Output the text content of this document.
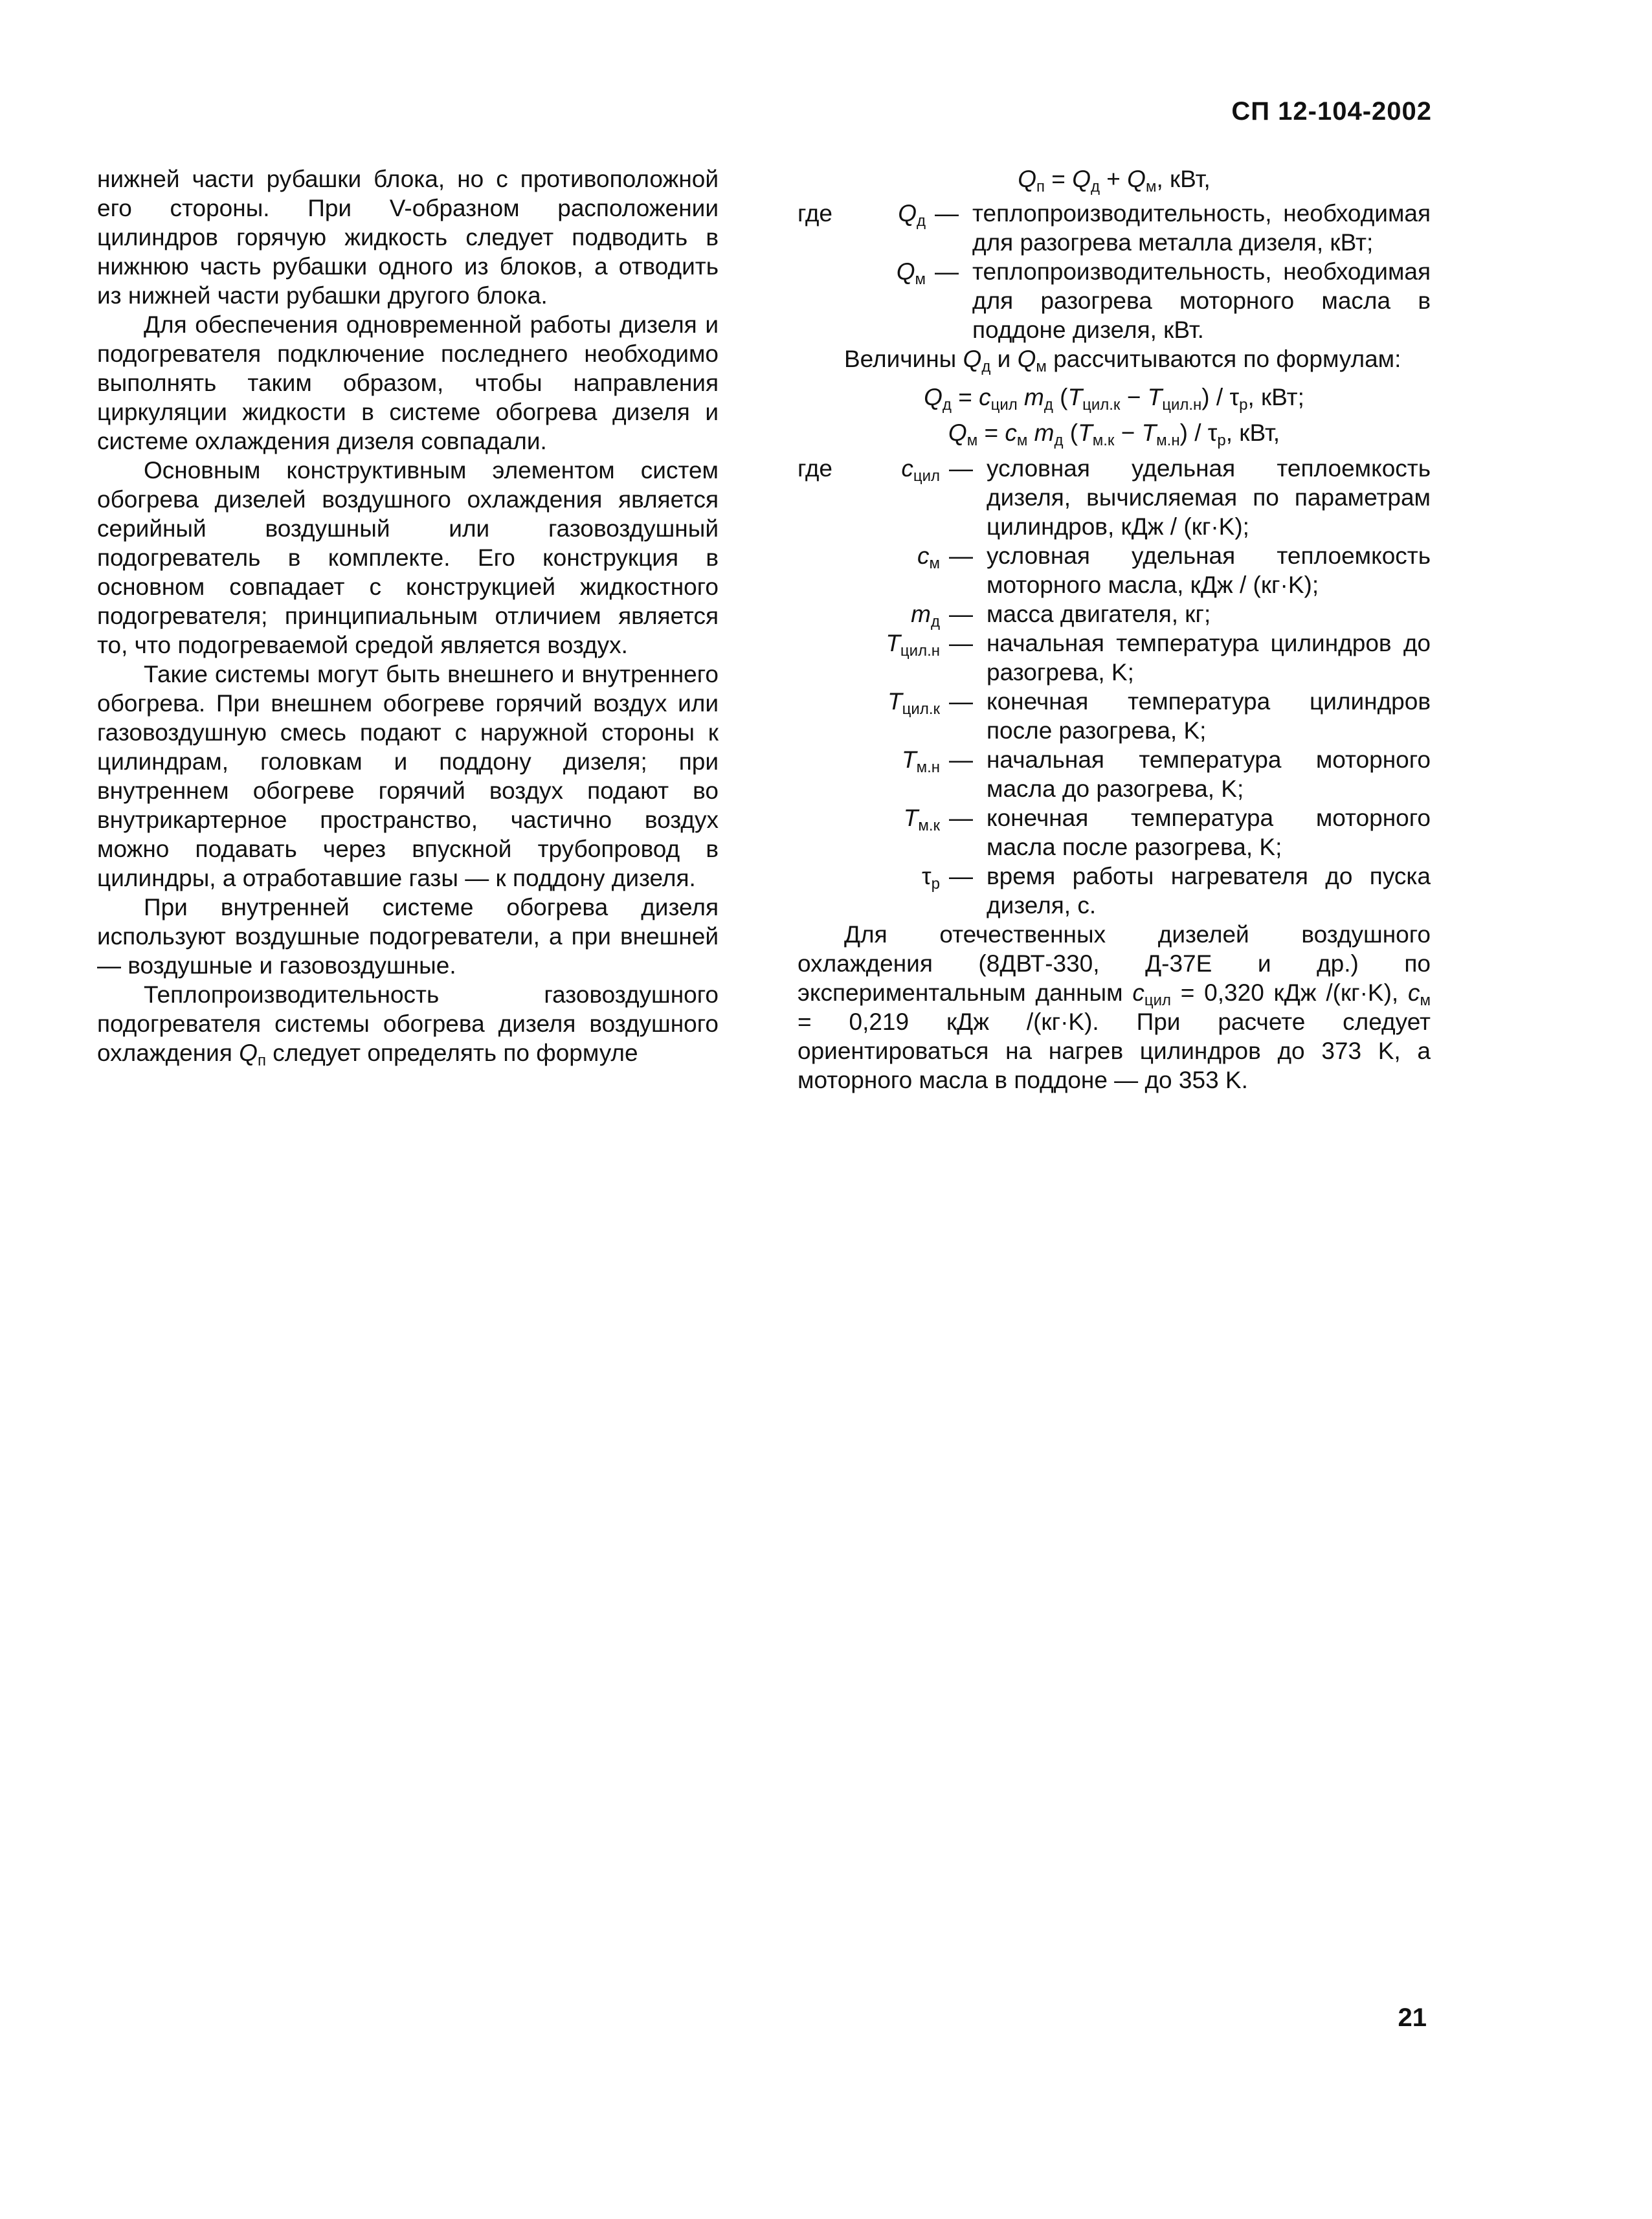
СП 12-104-2002

нижней части рубашки блока, но с противоположной его стороны. При V-образном расположении цилиндров горячую жидкость следует подводить в нижнюю часть рубашки одного из блоков, а отводить из нижней части рубашки другого блока.

Для обеспечения одновременной работы дизеля и подогревателя подключение последнего необходимо выполнять таким образом, чтобы направления циркуляции жидкости в системе обогрева дизеля и системе охлаждения дизеля совпадали.

Основным конструктивным элементом систем обогрева дизелей воздушного охлаждения является серийный воздушный или газовоздушный подогреватель в комплекте. Его конструкция в основном совпадает с конструкцией жидкостного подогревателя; принципиальным отличием является то, что подогреваемой средой является воздух.

Такие системы могут быть внешнего и внутреннего обогрева. При внешнем обогреве горячий воздух или газовоздушную смесь подают с наружной стороны к цилиндрам, головкам и поддону дизеля; при внутреннем обогреве горячий воздух подают во внутрикартерное пространство, частично воздух можно подавать через впускной трубопровод в цилиндры, а отработавшие газы — к поддону дизеля.

При внутренней системе обогрева дизеля используют воздушные подогреватели, а при внешней — воздушные и газовоздушные.

Теплопроизводительность газовоздушного подогревателя системы обогрева дизеля воздушного охлаждения $Q_п$ следует определять по формуле

$Q_п = Q_д + Q_м$, кВт,

где	$Q_д$	—	теплопроизводительность, необходимая для разогрева металла дизеля, кВт;
	$Q_м$	—	теплопроизводительность, необходимая для разогрева моторного масла в поддоне дизеля, кВт.

Величины $Q_д$ и $Q_м$ рассчитываются по формулам:

$Q_д = c_{цил}$ $m_д$ $(T_{цил.к} - T_{цил.н}) / \tau_р$, кВт;

$Q_м = c_м$ $m_д$ $(T_{м.к} - T_{м.н}) / \tau_р$, кВт,

где	$c_{цил}$	—	условная удельная теплоемкость дизеля, вычисляемая по параметрам цилиндров, кДж / (кг·K);
	$c_м$	—	условная удельная теплоемкость моторного масла, кДж / (кг·K);
	$m_д$	—	масса двигателя, кг;
	$T_{цил.н}$	—	начальная температура цилиндров до разогрева, K;
	$T_{цил.к}$	—	конечная температура цилиндров после разогрева, K;
	$T_{м.н}$	—	начальная температура моторного масла до разогрева, K;
	$T_{м.к}$	—	конечная температура моторного масла после разогрева, K;
	$\tau_р$	—	время работы нагревателя до пуска дизеля, с.

Для отечественных дизелей воздушного охлаждения (8ДВТ-330, Д-37Е и др.) по экспериментальным данным $c_{цил} = 0,320$ кДж /(кг·K), $c_м = 0,219$ кДж /(кг·K). При расчете следует ориентироваться на нагрев цилиндров до 373 K, а моторного масла в поддоне — до 353 K.

21
